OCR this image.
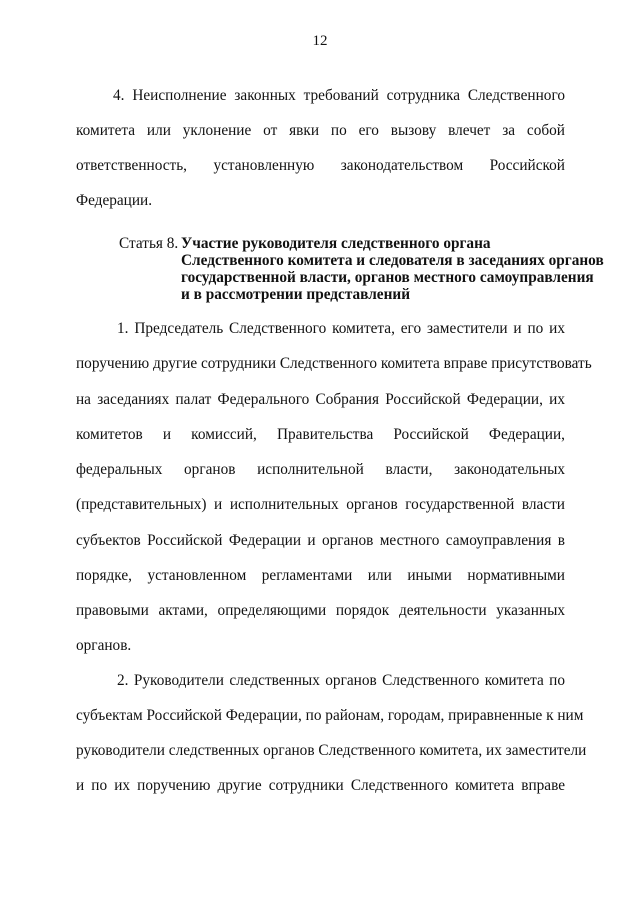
12
4. Неисполнение законных требований сотрудника Следственного
комитета или уклонение от явки по его вызову влечет за собой
ответственность, установленную законодательством Российской
Федерации.
Статья 8. Участие руководителя следственного органа
Следственного комитета и следователя в заседаниях органов
государственной власти, органов местного самоуправления
и в рассмотрении представлений
1. Председатель Следственного комитета, его заместители и по их
поручению другие сотрудники Следственного комитета вправе присутствовать
на заседаниях палат Федерального Собрания Российской Федерации, их
комитетов и комиссий, Правительства Российской Федерации,
федеральных органов исполнительной власти, законодательных
(представительных) и исполнительных органов государственной власти
субъектов Российской Федерации и органов местного самоуправления в
порядке, установленном регламентами или иными нормативными
правовыми актами, определяющими порядок деятельности указанных
органов.
2. Руководители следственных органов Следственного комитета по
субъектам Российской Федерации, по районам, городам, приравненные к ним
руководители следственных органов Следственного комитета, их заместители
и по их поручению другие сотрудники Следственного комитета вправе
